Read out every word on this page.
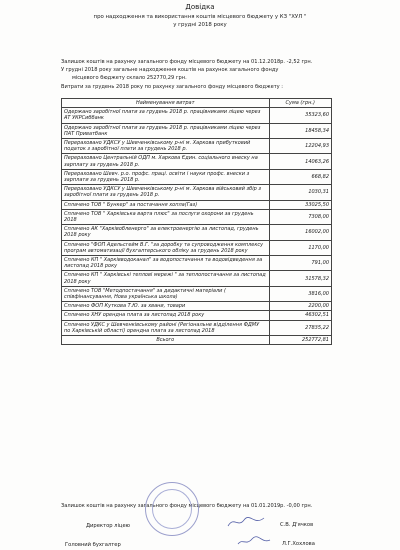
Довідка
про надходження та використання коштів місцевого бюджету у КЗ "ХУЛ "
у грудні 2018 року
Залишок коштів на рахунку загального фонду місцевого бюджету на 01.12.2018р. -2,52 грн.
У грудні 2018 року загальне надходження коштів на рахунок загального фонду
місцевого бюджету склало 252770,29 грн.
Витрати за грудень 2018 року по рахунку загального фонду місцевого бюджету :
Найменування витрат	Сума (грн.)
Одержано заробітної плати за грудень 2018 р. працівниками ліцею через АТ УКРСиббанк	35323,60
Одержано заробітної плати за грудень 2018 р. працівниками ліцею через ПАТ Приватбанк	18458,34
Перераховано УДКСУ у Шевченківському р-ні м. Харкова прибутковий податок з заробітної плати за грудень 2018 р.	12204,93
Перераховано Центральній ОДП м. Харкова Єдин. соціального внеску на зарплату за грудень 2018 р.	14063,26
Перераховано Шевч. р.о. профс. праці. освіти і науки профс. внески з зарплати за грудень 2018 р.	668,82
Перераховано УДКСУ у Шевченківському р-ні м. Харкова військовий збір з заробітної плати за грудень 2018 р.	1030,31
Сплачено ТОВ " Бункер" за постачання хопла(Газ)	33025,50
Сплачено ТОВ " Харківська варта плюс" за послуги охорони за грудень 2018	7308,00
Сплачено АК "Харківобленерго" за електроенергію за листопад, грудень 2018 року	16002,00
Сплачено "ФОП Адельсгейм В.Г. "за доробку та супроводження комплексу програм автоматизації бухгалтерського обліку за грудень 2018 року	1170,00
Сплачено КП " Харківводоканал" за водопостачання та водовідведення за листопад 2018 року	791,00
Сплачено КП " Харківські теплові мережі " за теплопостачання за листопад 2018 року	31578,32
Сплачено ТОВ "Методпостачання" за дидактичні матеріали ( співфінансування, Нова українська школа)	3816,00
Сплачено ФОП Куткова Т.Ю. за хвани, товари	2200,00
Сплачено ХНУ орендна плата за листопад 2018 року	46302,51
Сплачено УДКС у Шевченківському районі (Регіональне відділення ФДМУ по Харківській області) орендна плата за листопад 2018	27835,22
Всього	252772,81
Залишок коштів на рахунку загального фонду місцевого бюджету на 01.01.2019р. -0,00 грн.
Директор ліцею	С.В. Д'ячков
Головний бухгалтер	Л.Г.Хохлова
